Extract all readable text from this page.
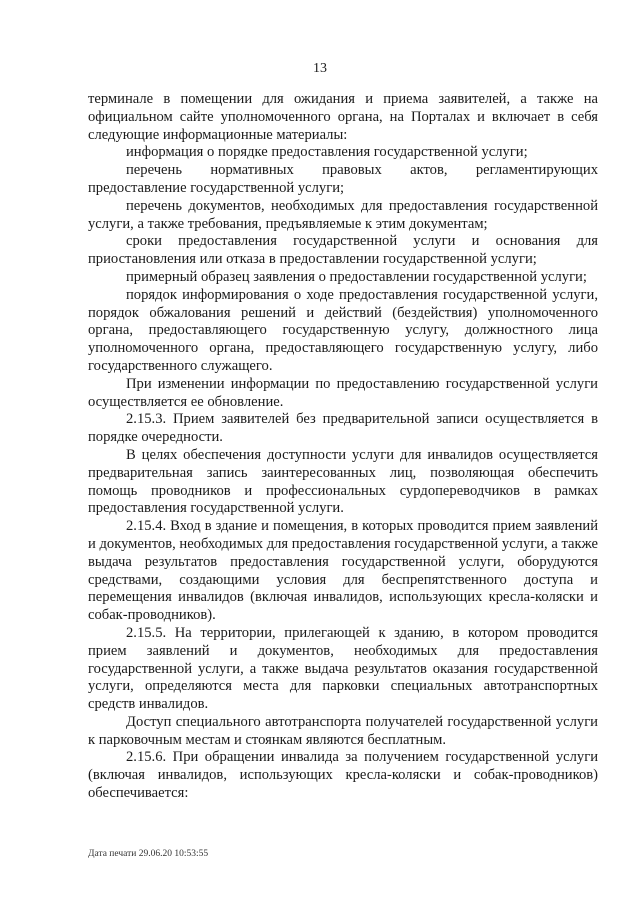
13

терминале в помещении для ожидания и приема заявителей, а также на официальном сайте уполномоченного органа, на Порталах и включает в себя следующие информационные материалы:

информация о порядке предоставления государственной услуги;

перечень нормативных правовых актов, регламентирующих предоставление государственной услуги;

перечень документов, необходимых для предоставления государственной услуги, а также требования, предъявляемые к этим документам;

сроки предоставления государственной услуги и основания для приостановления или отказа в предоставлении государственной услуги;

примерный образец заявления о предоставлении государственной услуги;

порядок информирования о ходе предоставления государственной услуги, порядок обжалования решений и действий (бездействия) уполномоченного органа, предоставляющего государственную услугу, должностного лица уполномоченного органа, предоставляющего государственную услугу, либо государственного служащего.

При изменении информации по предоставлению государственной услуги осуществляется ее обновление.

2.15.3. Прием заявителей без предварительной записи осуществляется в порядке очередности.

В целях обеспечения доступности услуги для инвалидов осуществляется предварительная запись заинтересованных лиц, позволяющая обеспечить помощь проводников и профессиональных сурдопереводчиков в рамках предоставления государственной услуги.

2.15.4. Вход в здание и помещения, в которых проводится прием заявлений и документов, необходимых для предоставления государственной услуги, а также выдача результатов предоставления государственной услуги, оборудуются средствами, создающими условия для беспрепятственного доступа и перемещения инвалидов (включая инвалидов, использующих кресла-коляски и собак-проводников).

2.15.5. На территории, прилегающей к зданию, в котором проводится прием заявлений и документов, необходимых для предоставления государственной услуги, а также выдача результатов оказания государственной услуги, определяются места для парковки специальных автотранспортных средств инвалидов.

Доступ специального автотранспорта получателей государственной услуги к парковочным местам и стоянкам являются бесплатным.

2.15.6. При обращении инвалида за получением государственной услуги (включая инвалидов, использующих кресла-коляски и собак-проводников) обеспечивается:

Дата печати 29.06.20 10:53:55
